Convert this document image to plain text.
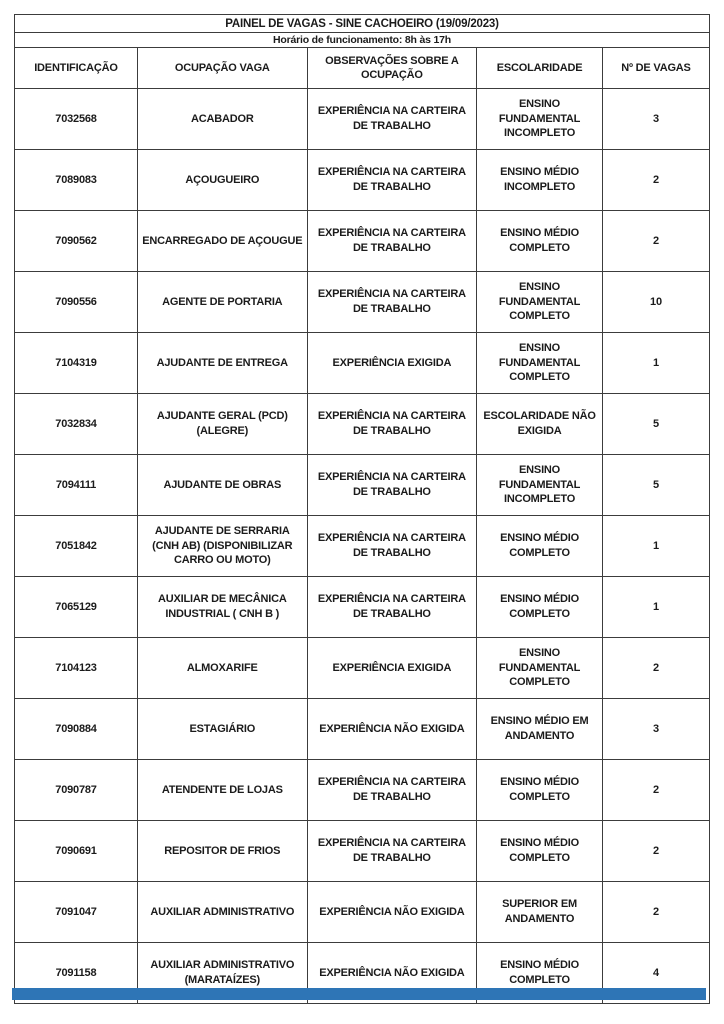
PAINEL DE VAGAS - SINE CACHOEIRO (19/09/2023)				
Horário de funcionamento: 8h às 17h				
IDENTIFICAÇÃO	OCUPAÇÃO VAGA	OBSERVAÇÕES SOBRE A OCUPAÇÃO	ESCOLARIDADE	Nº DE VAGAS
7032568	ACABADOR	EXPERIÊNCIA NA CARTEIRA DE TRABALHO	ENSINO FUNDAMENTAL INCOMPLETO	3
7089083	AÇOUGUEIRO	EXPERIÊNCIA NA CARTEIRA DE TRABALHO	ENSINO MÉDIO INCOMPLETO	2
7090562	ENCARREGADO DE AÇOUGUE	EXPERIÊNCIA NA CARTEIRA DE TRABALHO	ENSINO MÉDIO COMPLETO	2
7090556	AGENTE DE PORTARIA	EXPERIÊNCIA NA CARTEIRA DE TRABALHO	ENSINO FUNDAMENTAL COMPLETO	10
7104319	AJUDANTE DE ENTREGA	EXPERIÊNCIA EXIGIDA	ENSINO FUNDAMENTAL COMPLETO	1
7032834	AJUDANTE GERAL (PCD) (ALEGRE)	EXPERIÊNCIA NA CARTEIRA DE TRABALHO	ESCOLARIDADE NÃO EXIGIDA	5
7094111	AJUDANTE DE OBRAS	EXPERIÊNCIA NA CARTEIRA DE TRABALHO	ENSINO FUNDAMENTAL INCOMPLETO	5
7051842	AJUDANTE DE SERRARIA (CNH AB) (DISPONIBILIZAR CARRO OU MOTO)	EXPERIÊNCIA NA CARTEIRA DE TRABALHO	ENSINO MÉDIO COMPLETO	1
7065129	AUXILIAR DE MECÂNICA INDUSTRIAL ( CNH B )	EXPERIÊNCIA NA CARTEIRA DE TRABALHO	ENSINO MÉDIO COMPLETO	1
7104123	ALMOXARIFE	EXPERIÊNCIA EXIGIDA	ENSINO FUNDAMENTAL COMPLETO	2
7090884	ESTAGIÁRIO	EXPERIÊNCIA NÃO EXIGIDA	ENSINO MÉDIO EM ANDAMENTO	3
7090787	ATENDENTE DE LOJAS	EXPERIÊNCIA NA CARTEIRA DE TRABALHO	ENSINO MÉDIO COMPLETO	2
7090691	REPOSITOR DE FRIOS	EXPERIÊNCIA NA CARTEIRA DE TRABALHO	ENSINO MÉDIO COMPLETO	2
7091047	AUXILIAR ADMINISTRATIVO	EXPERIÊNCIA NÃO EXIGIDA	SUPERIOR EM ANDAMENTO	2
7091158	AUXILIAR ADMINISTRATIVO (MARATAÍZES)	EXPERIÊNCIA NÃO EXIGIDA	ENSINO MÉDIO COMPLETO	4
